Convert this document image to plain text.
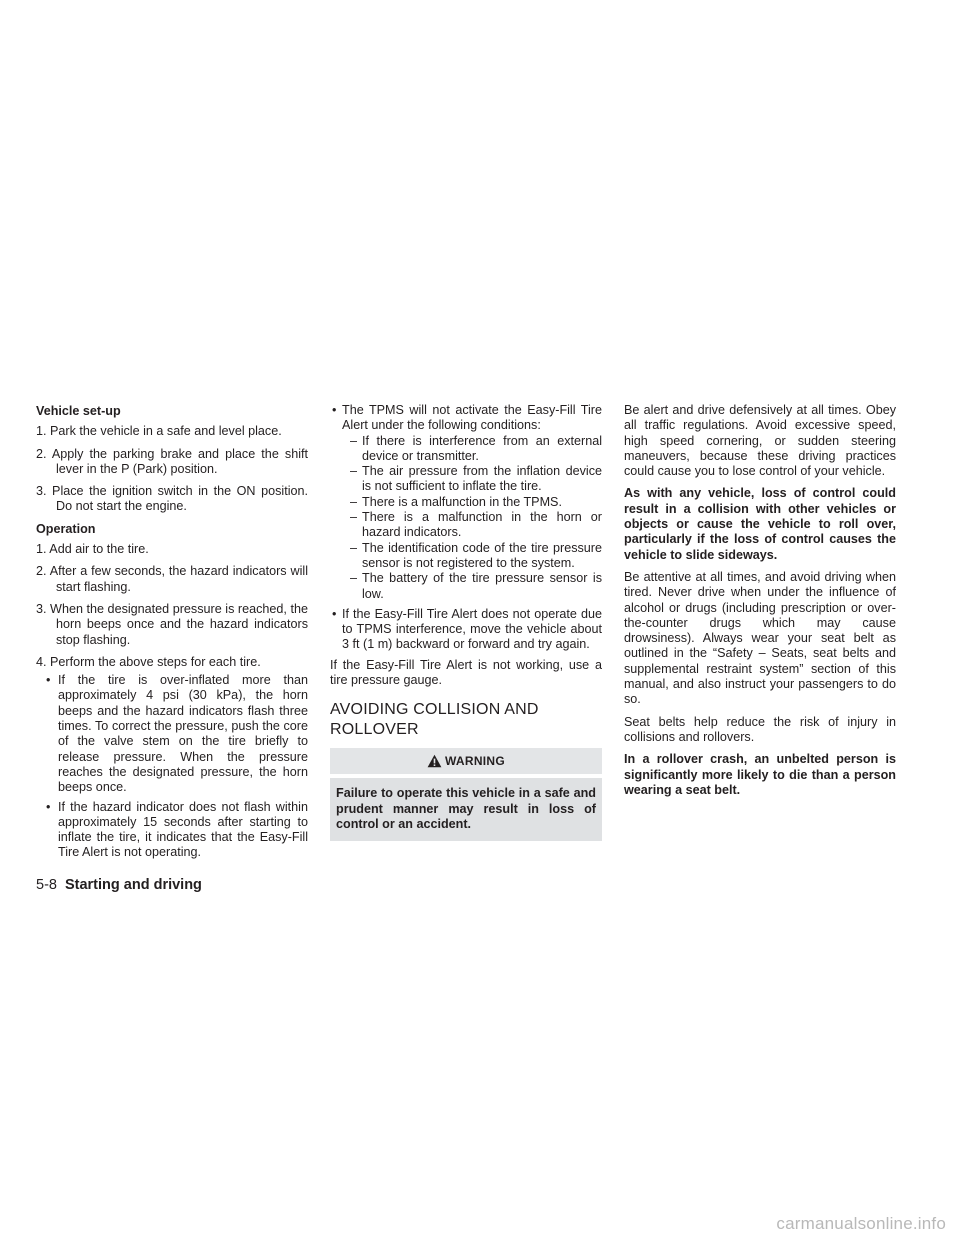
Vehicle set-up
1. Park the vehicle in a safe and level place.
2. Apply the parking brake and place the shift lever in the P (Park) position.
3. Place the ignition switch in the ON position. Do not start the engine.
Operation
1. Add air to the tire.
2. After a few seconds, the hazard indicators will start flashing.
3. When the designated pressure is reached, the horn beeps once and the hazard indicators stop flashing.
4. Perform the above steps for each tire.
• If the tire is over-inflated more than approximately 4 psi (30 kPa), the horn beeps and the hazard indicators flash three times. To correct the pressure, push the core of the valve stem on the tire briefly to release pressure. When the pressure reaches the designated pressure, the horn beeps once.
• If the hazard indicator does not flash within approximately 15 seconds after starting to inflate the tire, it indicates that the Easy-Fill Tire Alert is not operating.
• The TPMS will not activate the Easy-Fill Tire Alert under the following conditions:
– If there is interference from an external device or transmitter.
– The air pressure from the inflation device is not sufficient to inflate the tire.
– There is a malfunction in the TPMS.
– There is a malfunction in the horn or hazard indicators.
– The identification code of the tire pressure sensor is not registered to the system.
– The battery of the tire pressure sensor is low.
• If the Easy-Fill Tire Alert does not operate due to TPMS interference, move the vehicle about 3 ft (1 m) backward or forward and try again.
If the Easy-Fill Tire Alert is not working, use a tire pressure gauge.
AVOIDING COLLISION AND
ROLLOVER
WARNING
Failure to operate this vehicle in a safe and prudent manner may result in loss of control or an accident.
Be alert and drive defensively at all times. Obey all traffic regulations. Avoid excessive speed, high speed cornering, or sudden steering maneuvers, because these driving practices could cause you to lose control of your vehicle.
As with any vehicle, loss of control could result in a collision with other vehicles or objects or cause the vehicle to roll over, particularly if the loss of control causes the vehicle to slide sideways.
Be attentive at all times, and avoid driving when tired. Never drive when under the influence of alcohol or drugs (including prescription or over-the-counter drugs which may cause drowsiness). Always wear your seat belt as outlined in the “Safety – Seats, seat belts and supplemental restraint system” section of this manual, and also instruct your passengers to do so.
Seat belts help reduce the risk of injury in collisions and rollovers.
In a rollover crash, an unbelted person is significantly more likely to die than a person wearing a seat belt.
5-8 Starting and driving
carmanualsonline.info
